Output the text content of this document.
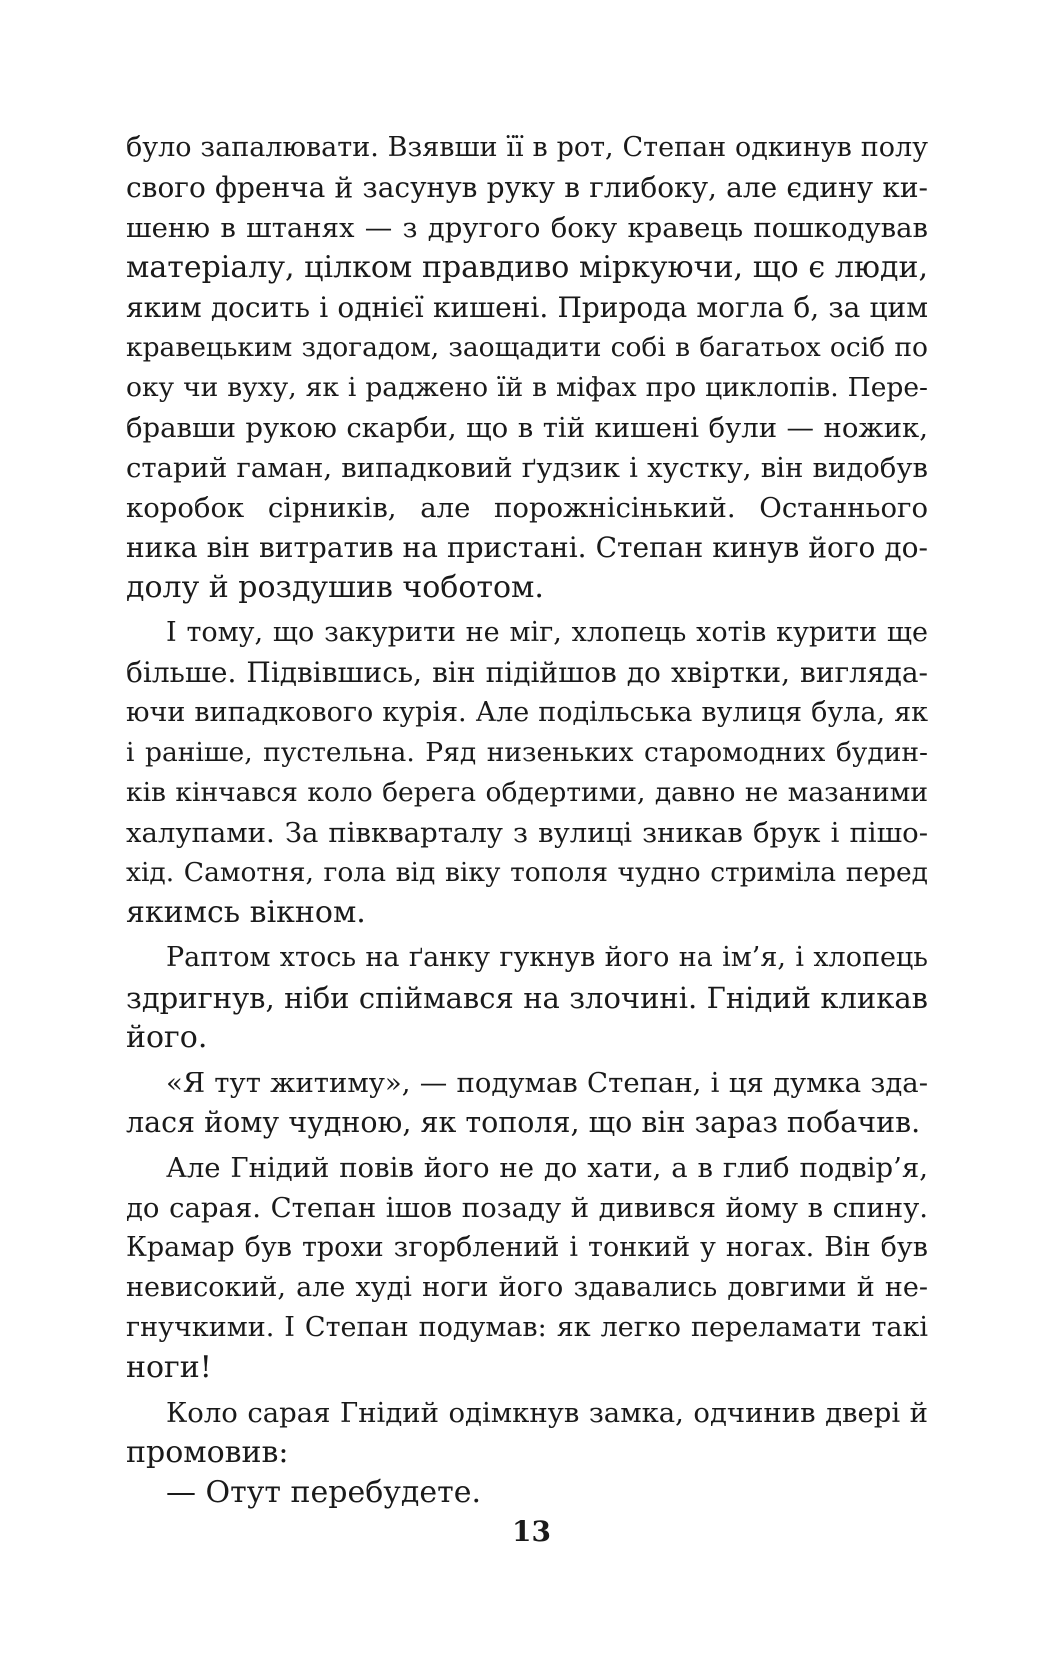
було запалювати. Взявши її в рот, Степан одкинув полу
свого френча й засунув руку в глибоку, але єдину ки-
шеню в штанях — з другого боку кравець пошкодував
матеріалу, цілком правдиво міркуючи, що є люди,
яким досить і однієї кишені. Природа могла б, за цим
кравецьким здогадом, заощадити собі в багатьох осіб по
оку чи вуху, як і раджено їй в міфах про циклопів. Пере-
бравши рукою скарби, що в тій кишені були — ножик,
старий гаман, випадковий ґудзик і хустку, він видобув
коробок сірників, але порожнісінький. Останнього
ника він витратив на пристані. Степан кинув його до-
долу й роздушив чоботом.
І тому, що закурити не міг, хлопець хотів курити ще
більше. Підвівшись, він підійшов до хвіртки, вигляда-
ючи випадкового курія. Але подільська вулиця була, як
і раніше, пустельна. Ряд низеньких старомодних будин-
ків кінчався коло берега обдертими, давно не мазаними
халупами. За півкварталу з вулиці зникав брук і пішо-
хід. Самотня, гола від віку тополя чудно стриміла перед
якимсь вікном.
Раптом хтось на ґанку гукнув його на ім’я, і хлопець
здригнув, ніби спіймався на злочині. Гнідий кликав
його.
«Я тут житиму», — подумав Степан, і ця думка зда-
лася йому чудною, як тополя, що він зараз побачив.
Але Гнідий повів його не до хати, а в глиб подвір’я,
до сарая. Степан ішов позаду й дивився йому в спину.
Крамар був трохи згорблений і тонкий у ногах. Він був
невисокий, але худі ноги його здавались довгими й не-
гнучкими. І Степан подумав: як легко переламати такі
ноги!
Коло сарая Гнідий одімкнув замка, одчинив двері й
промовив:
— Отут перебудете.
13
